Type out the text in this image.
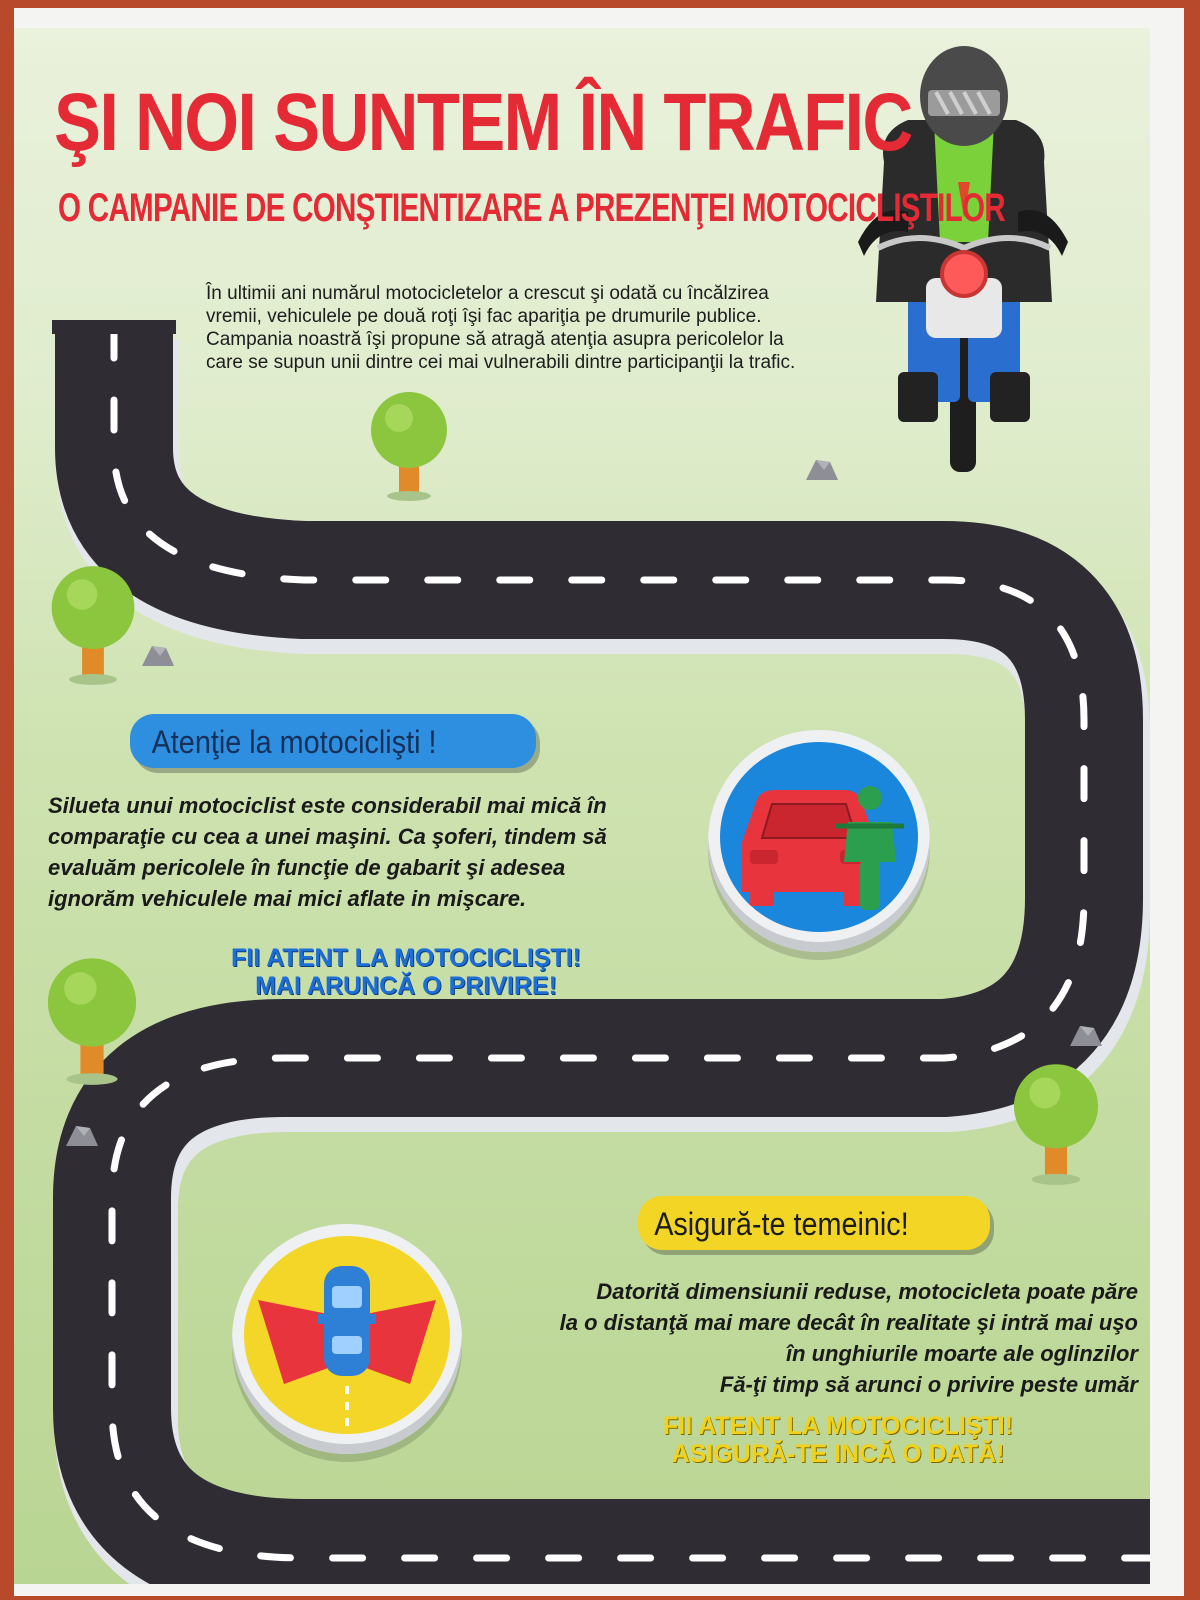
ŞI NOI SUNTEM ÎN TRAFIC
O CAMPANIE DE CONŞTIENTIZARE A PREZENŢEI MOTOCICLIŞTILOR

În ultimii ani numărul motocicletelor a crescut şi odată cu încălzirea
vremii, vehiculele pe două roţi îşi fac apariţia pe drumurile publice.
Campania noastră îşi propune să atragă atenţia asupra pericolelor la
care se supun unii dintre cei mai vulnerabili dintre participanţii la trafic.

Atenţie la motociclişti !

Silueta unui motociclist este considerabil mai mică în
comparaţie cu cea a unei maşini. Ca şoferi, tindem să
evaluăm pericolele în funcţie de gabarit şi adesea
ignorăm vehiculele mai mici aflate in mişcare.

FII ATENT LA MOTOCICLIŞTI!
MAI ARUNCĂ O PRIVIRE!

Asigură-te temeinic!

Datorită dimensiunii reduse, motocicleta poate păre
la o distanţă mai mare decât în realitate şi intră mai uşo
în unghiurile moarte ale oglinzilor
Fă-ţi timp să arunci o privire peste umăr

FII ATENT LA MOTOCICLIŞTI!
ASIGURĂ-TE INCĂ O DATĂ!
